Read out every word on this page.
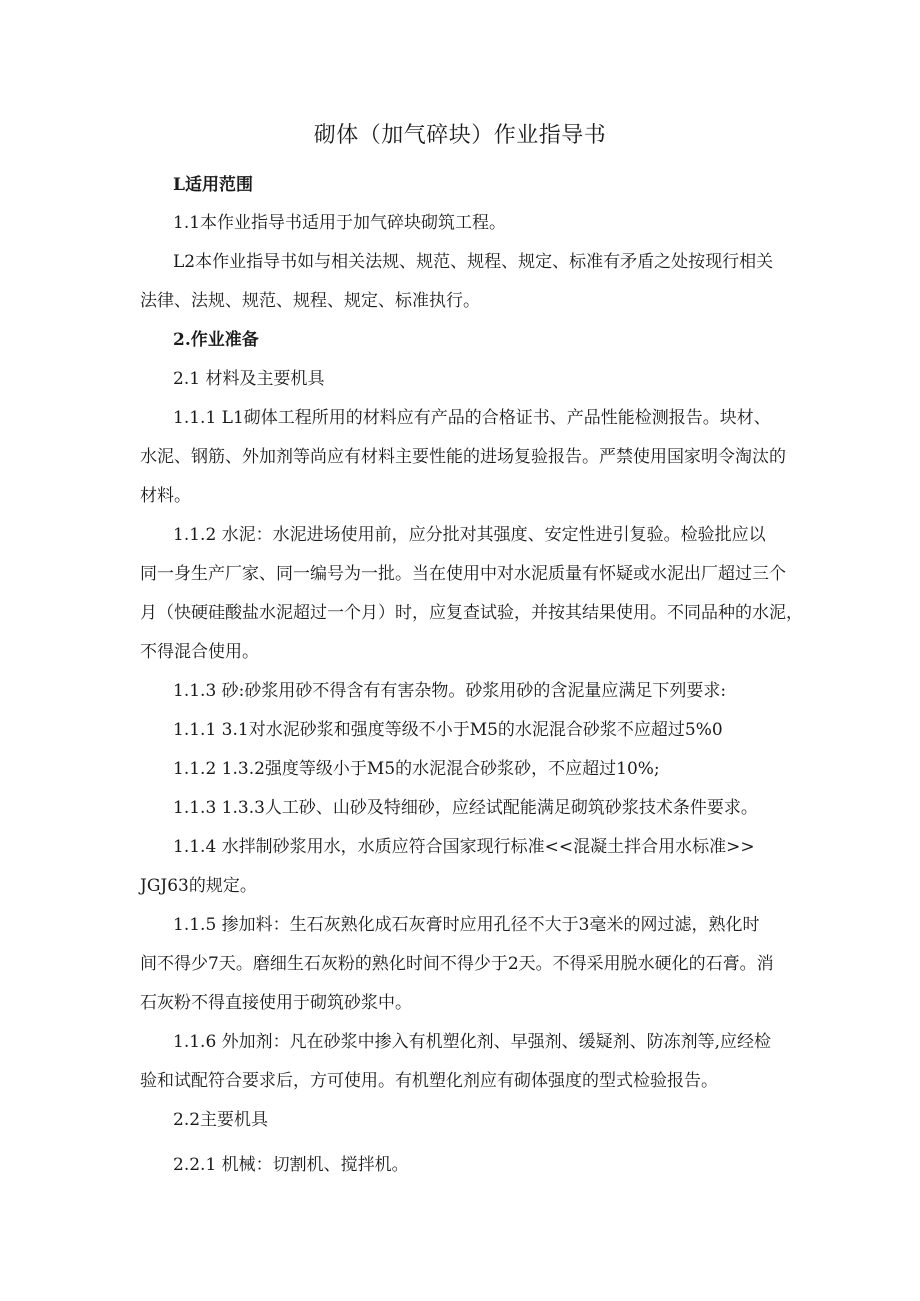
砌体（加气碎块）作业指导书

L适用范围

1.1本作业指导书适用于加气碎块砌筑工程。

L2本作业指导书如与相关法规、规范、规程、规定、标准有矛盾之处按现行相关

法律、法规、规范、规程、规定、标准执行。

2.作业准备

2.1 材料及主要机具

1.1.1 L1砌体工程所用的材料应有产品的合格证书、产品性能检测报告。块材、

水泥、钢筋、外加剂等尚应有材料主要性能的进场复验报告。严禁使用国家明令淘汰的

材料。

1.1.2 水泥：水泥进场使用前，应分批对其强度、安定性进引复验。检验批应以

同一身生产厂家、同一编号为一批。当在使用中对水泥质量有怀疑或水泥出厂超过三个

月（快硬硅酸盐水泥超过一个月）时，应复查试验，并按其结果使用。不同品种的水泥，

不得混合使用。

1.1.3 砂:砂浆用砂不得含有有害杂物。砂浆用砂的含泥量应满足下列要求:

1.1.1 3.1对水泥砂浆和强度等级不小于M5的水泥混合砂浆不应超过5%0

1.1.2 1.3.2强度等级小于M5的水泥混合砂浆砂，不应超过10%;

1.1.3 1.3.3人工砂、山砂及特细砂，应经试配能满足砌筑砂浆技术条件要求。

1.1.4 水拌制砂浆用水，水质应符合国家现行标准<<混凝土拌合用水标准>>

JGJ63的规定。

1.1.5 掺加料：生石灰熟化成石灰膏时应用孔径不大于3毫米的网过滤，熟化时

间不得少7天。磨细生石灰粉的熟化时间不得少于2天。不得采用脱水硬化的石膏。消

石灰粉不得直接使用于砌筑砂浆中。

1.1.6 外加剂：凡在砂浆中掺入有机塑化剂、早强剂、缓疑剂、防冻剂等,应经检

验和试配符合要求后，方可使用。有机塑化剂应有砌体强度的型式检验报告。

2.2主要机具

2.2.1 机械：切割机、搅拌机。
